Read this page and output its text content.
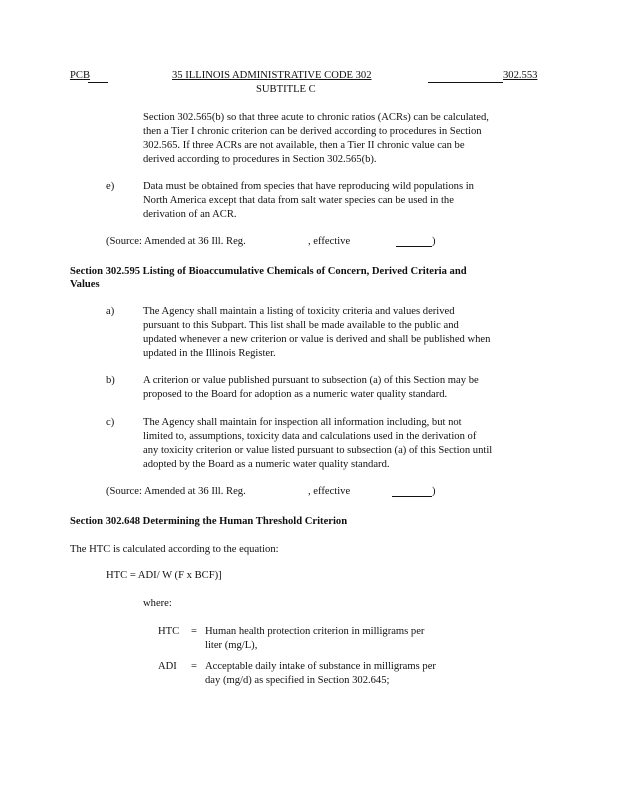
PCB	35 ILLINOIS ADMINISTRATIVE CODE 302	302.553
SUBTITLE C
Section 302.565(b) so that three acute to chronic ratios (ACRs) can be calculated,
then a Tier I chronic criterion can be derived according to procedures in Section
302.565. If three ACRs are not available, then a Tier II chronic value can be
derived according to procedures in Section 302.565(b).
e)	Data must be obtained from species that have reproducing wild populations in
North America except that data from salt water species can be used in the
derivation of an ACR.
(Source: Amended at 36 Ill. Reg.	, effective	)
Section 302.595 Listing of Bioaccumulative Chemicals of Concern, Derived Criteria and
Values
a)	The Agency shall maintain a listing of toxicity criteria and values derived
pursuant to this Subpart. This list shall be made available to the public and
updated whenever a new criterion or value is derived and shall be published when
updated in the Illinois Register.
b)	A criterion or value published pursuant to subsection (a) of this Section may be
proposed to the Board for adoption as a numeric water quality standard.
c)	The Agency shall maintain for inspection all information including, but not
limited to, assumptions, toxicity data and calculations used in the derivation of
any toxicity criterion or value listed pursuant to subsection (a) of this Section until
adopted by the Board as a numeric water quality standard.
(Source: Amended at 36 Ill. Reg.	, effective	)
Section 302.648 Determining the Human Threshold Criterion
The HTC is calculated according to the equation:
HTC = ADI/ W (F x BCF)]
where:
HTC = Human health protection criterion in milligrams per
liter (mg/L),
ADI = Acceptable daily intake of substance in milligrams per
day (mg/d) as specified in Section 302.645;
